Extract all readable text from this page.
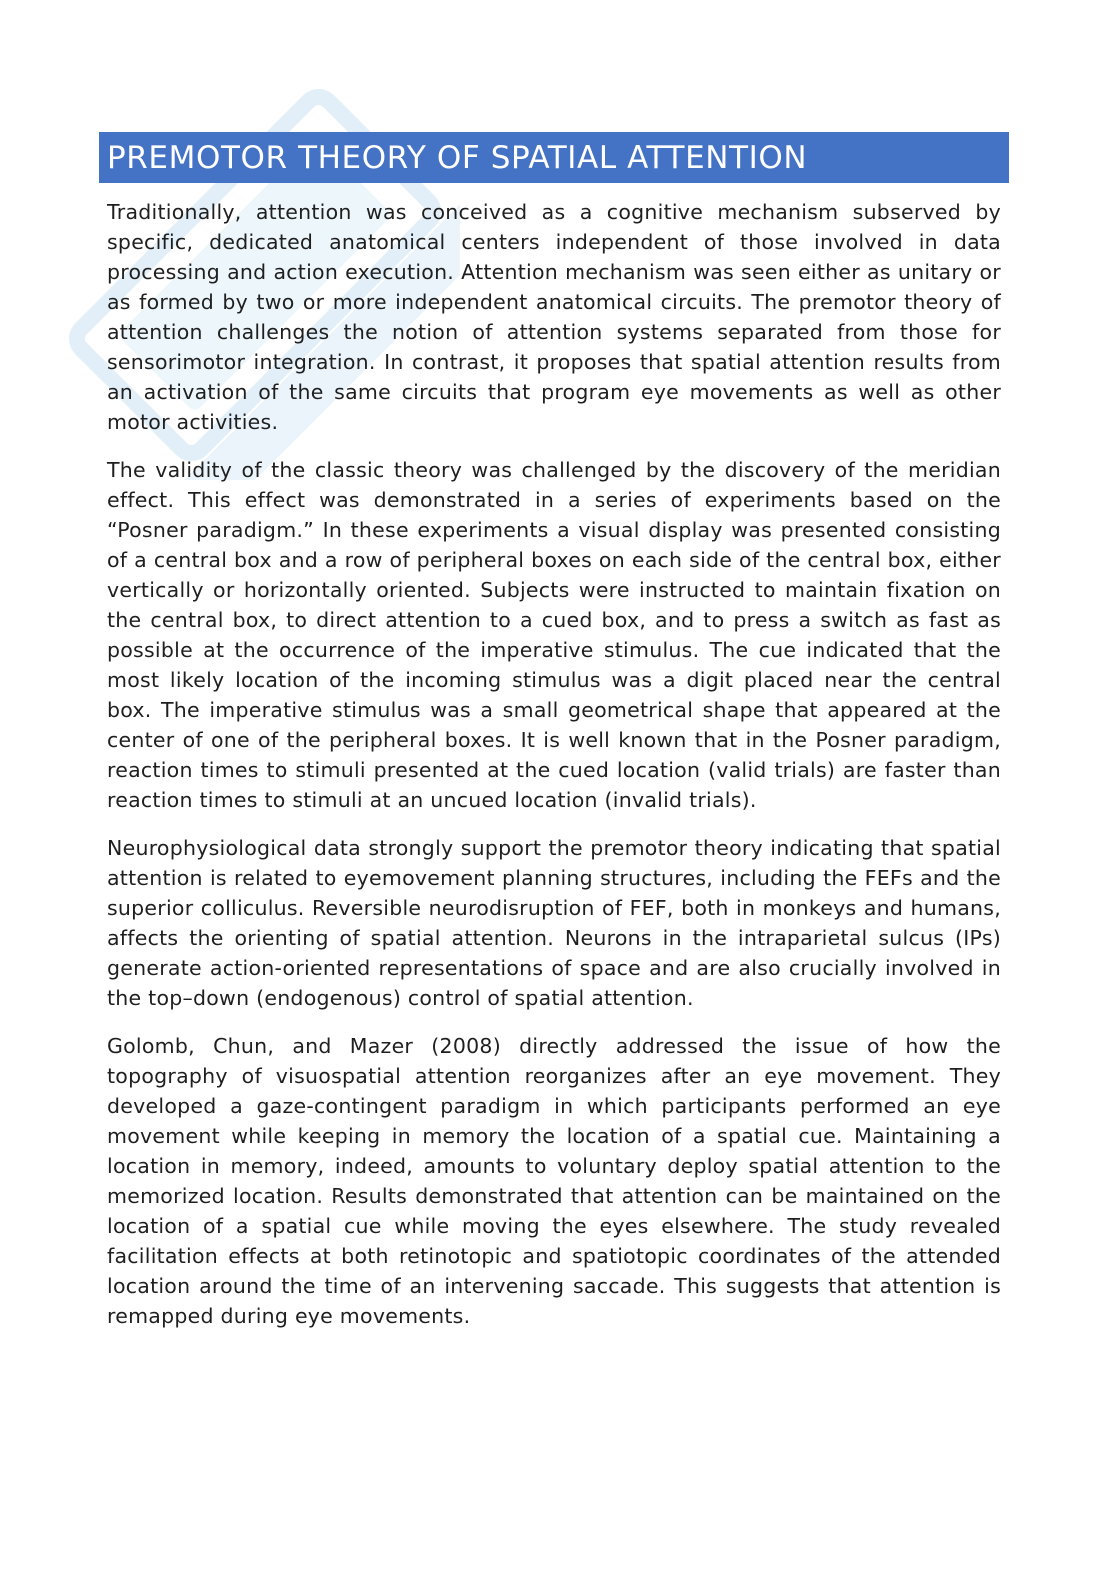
PREMOTOR THEORY OF SPATIAL ATTENTION

Traditionally, attention was conceived as a cognitive mechanism subserved by specific, dedicated anatomical centers independent of those involved in data processing and action execution. Attention mechanism was seen either as unitary or as formed by two or more independent anatomical circuits. The premotor theory of attention challenges the notion of attention systems separated from those for sensorimotor integration. In contrast, it proposes that spatial attention results from an activation of the same circuits that program eye movements as well as other motor activities.

The validity of the classic theory was challenged by the discovery of the meridian effect. This effect was demonstrated in a series of experiments based on the “Posner paradigm.” In these experiments a visual display was presented consisting of a central box and a row of peripheral boxes on each side of the central box, either vertically or horizontally oriented. Subjects were instructed to maintain fixation on the central box, to direct attention to a cued box, and to press a switch as fast as possible at the occurrence of the imperative stimulus. The cue indicated that the most likely location of the incoming stimulus was a digit placed near the central box. The imperative stimulus was a small geometrical shape that appeared at the center of one of the peripheral boxes. It is well known that in the Posner paradigm, reaction times to stimuli presented at the cued location (valid trials) are faster than reaction times to stimuli at an uncued location (invalid trials).

Neurophysiological data strongly support the premotor theory indicating that spatial attention is related to eyemovement planning structures, including the FEFs and the superior colliculus. Reversible neurodisruption of FEF, both in monkeys and humans, affects the orienting of spatial attention. Neurons in the intraparietal sulcus (IPs) generate action-oriented representations of space and are also crucially involved in the top–down (endogenous) control of spatial attention.

Golomb, Chun, and Mazer (2008) directly addressed the issue of how the topography of visuospatial attention reorganizes after an eye movement. They developed a gaze-contingent paradigm in which participants performed an eye movement while keeping in memory the location of a spatial cue. Maintaining a location in memory, indeed, amounts to voluntary deploy spatial attention to the memorized location. Results demonstrated that attention can be maintained on the location of a spatial cue while moving the eyes elsewhere. The study revealed facilitation effects at both retinotopic and spatiotopic coordinates of the attended location around the time of an intervening saccade. This suggests that attention is remapped during eye movements.
